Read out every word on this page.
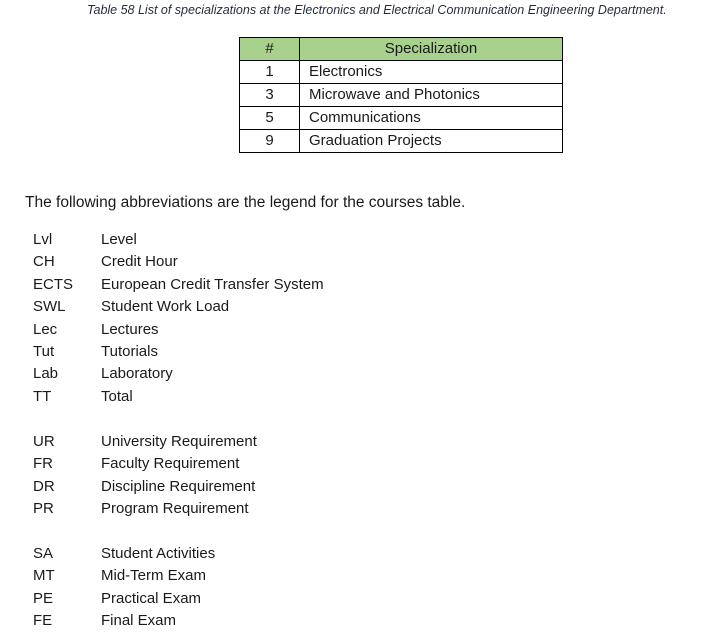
Table 58 List of specializations at the Electronics and Electrical Communication Engineering Department.
#	Specialization
1	Electronics
3	Microwave and Photonics
5	Communications
9	Graduation Projects
The following abbreviations are the legend for the courses table.
Lvl	Level
CH	Credit Hour
ECTS	European Credit Transfer System
SWL	Student Work Load
Lec	Lectures
Tut	Tutorials
Lab	Laboratory
TT	Total
UR	University Requirement
FR	Faculty Requirement
DR	Discipline Requirement
PR	Program Requirement
SA	Student Activities
MT	Mid-Term Exam
PE	Practical Exam
FE	Final Exam
